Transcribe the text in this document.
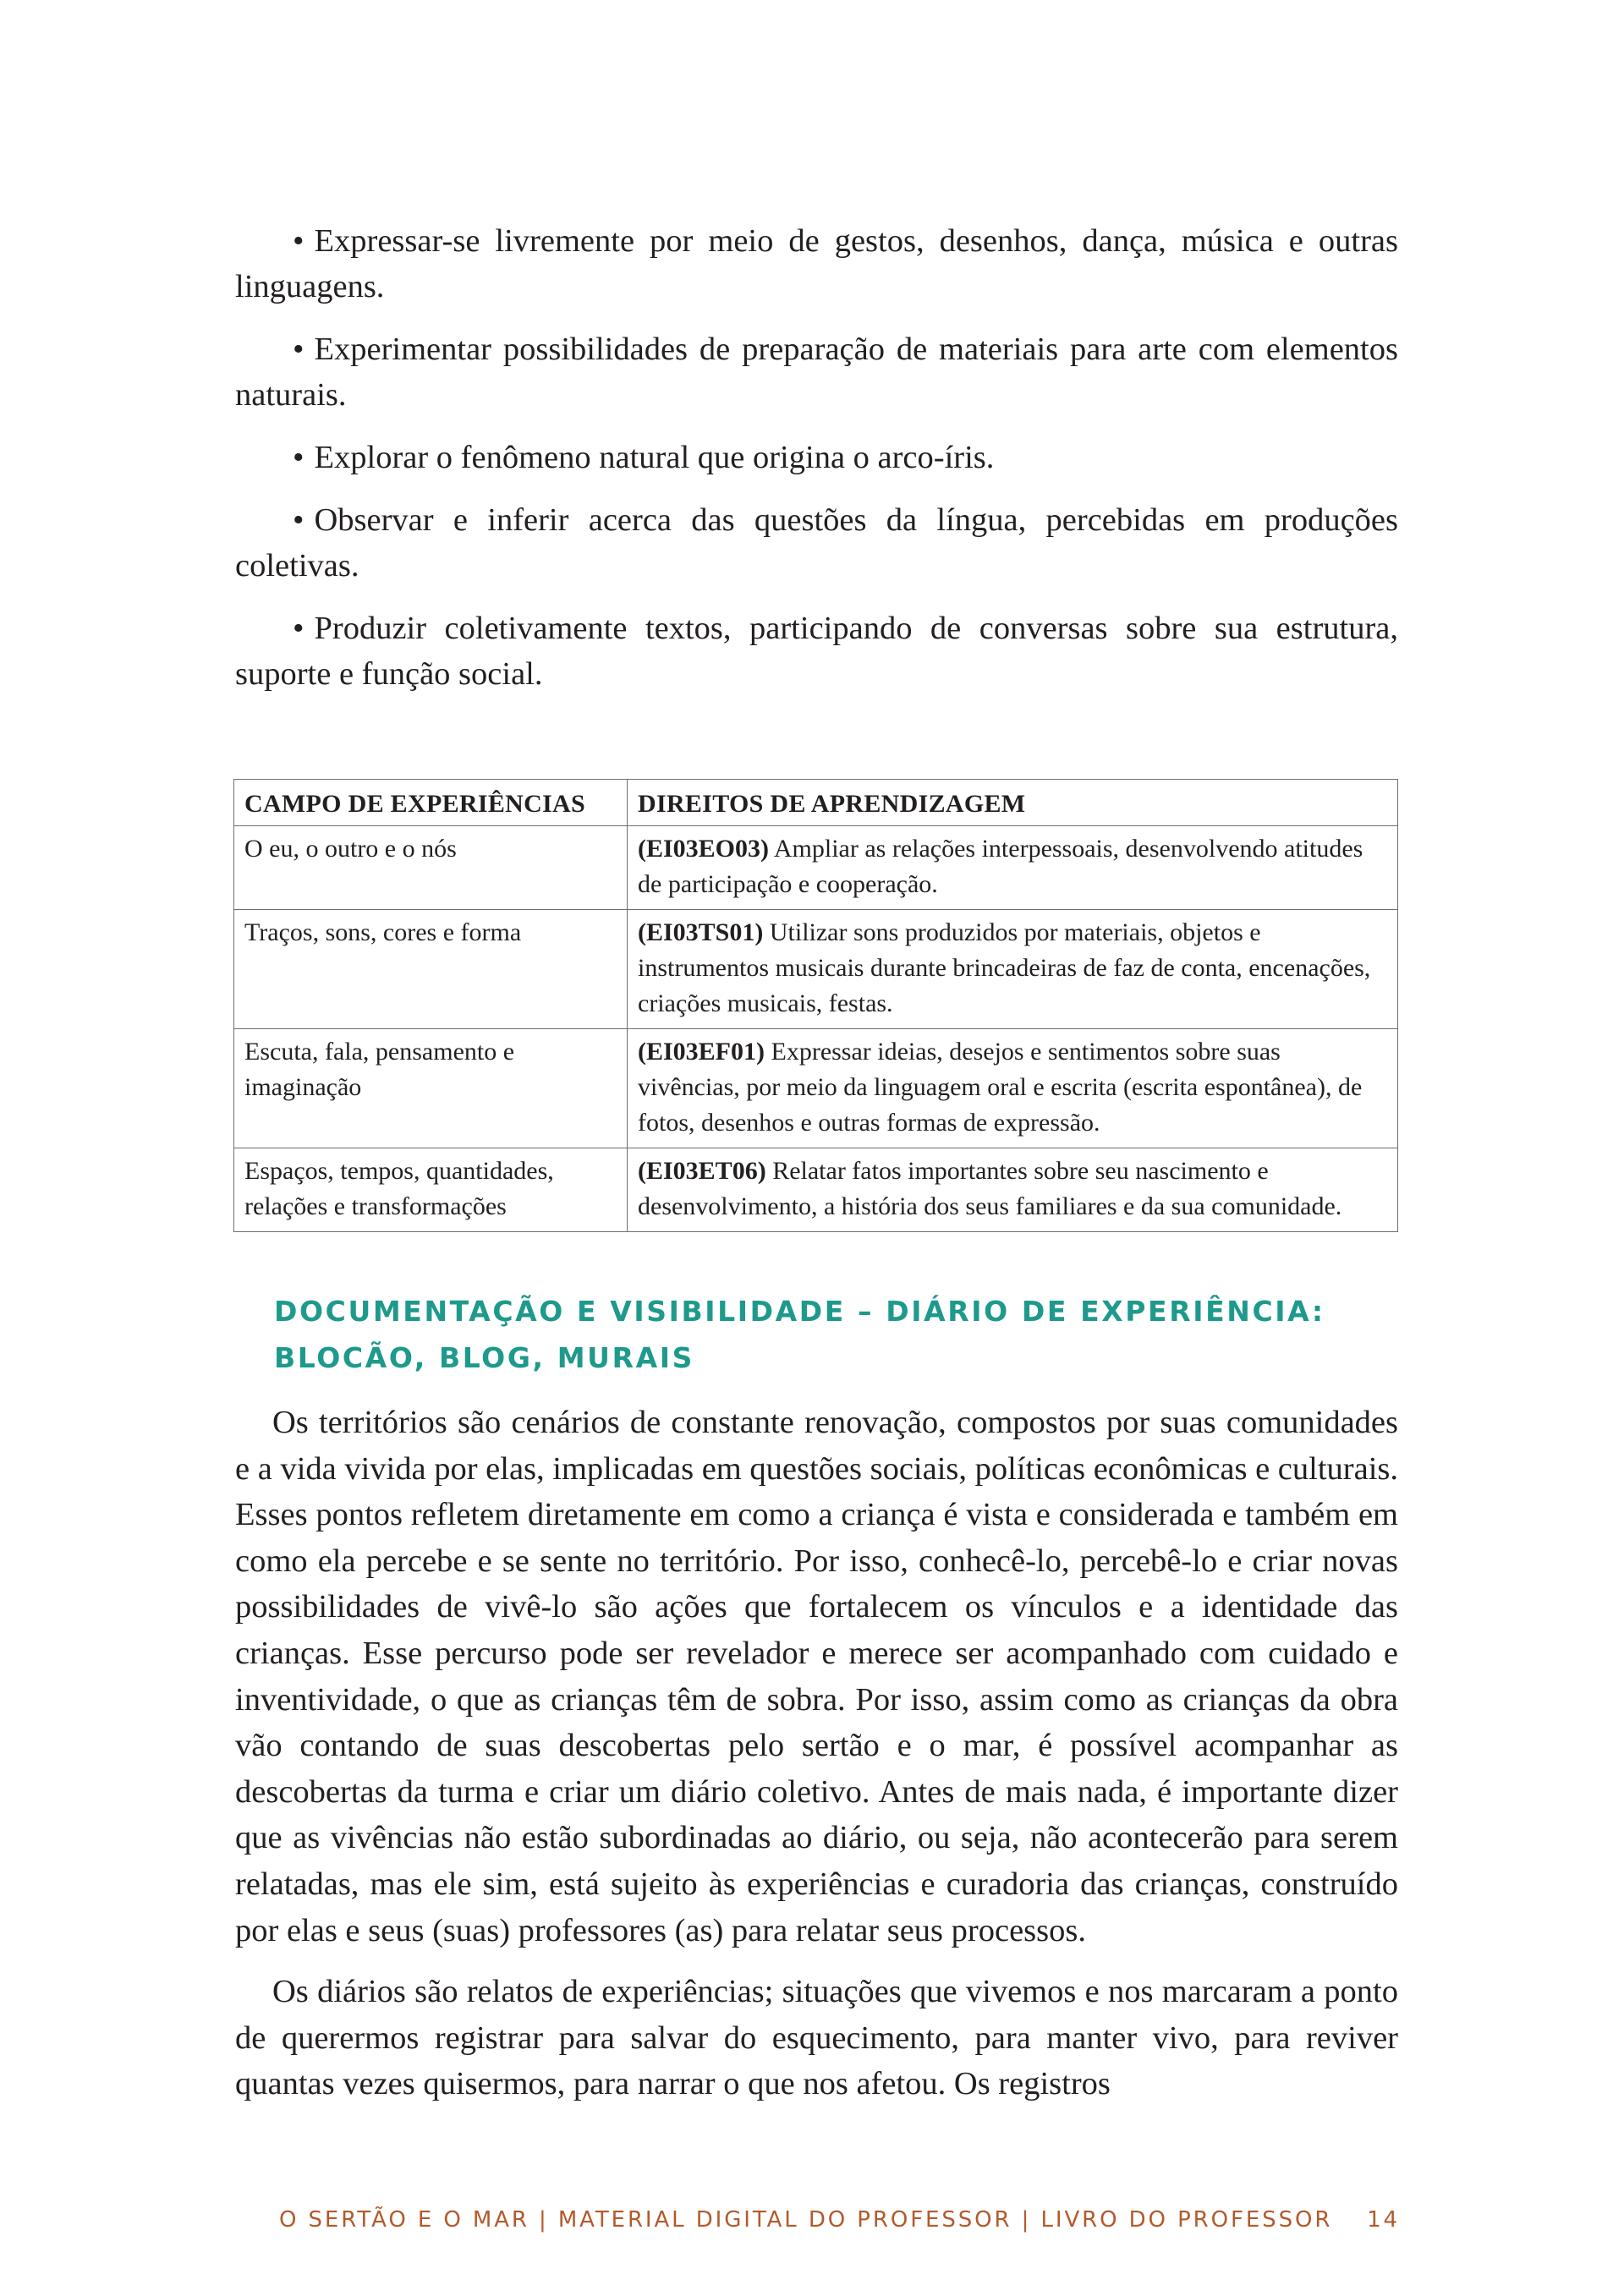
• Expressar-se livremente por meio de gestos, desenhos, dança, música e outras linguagens.

• Experimentar possibilidades de preparação de materiais para arte com elementos naturais.

• Explorar o fenômeno natural que origina o arco-íris.

• Observar e inferir acerca das questões da língua, percebidas em produções coletivas.

• Produzir coletivamente textos, participando de conversas sobre sua estrutura, suporte e função social.

CAMPO DE EXPERIÊNCIAS	DIREITOS DE APRENDIZAGEM
O eu, o outro e o nós	(EI03EO03) Ampliar as relações interpessoais, desenvolvendo atitudes de participação e cooperação.
Traços, sons, cores e forma	(EI03TS01) Utilizar sons produzidos por materiais, objetos e instrumentos musicais durante brincadeiras de faz de conta, encenações, criações musicais, festas.
Escuta, fala, pensamento e imaginação	(EI03EF01) Expressar ideias, desejos e sentimentos sobre suas vivências, por meio da linguagem oral e escrita (escrita espontânea), de fotos, desenhos e outras formas de expressão.
Espaços, tempos, quantidades, relações e transformações	(EI03ET06) Relatar fatos importantes sobre seu nascimento e desenvolvimento, a história dos seus familiares e da sua comunidade.
DOCUMENTAÇÃO E VISIBILIDADE – DIÁRIO DE EXPERIÊNCIA:
BLOCÃO, BLOG, MURAIS

Os territórios são cenários de constante renovação, compostos por suas comunidades e a vida vivida por elas, implicadas em questões sociais, políticas econômicas e culturais. Esses pontos refletem diretamente em como a criança é vista e considerada e também em como ela percebe e se sente no território. Por isso, conhecê-lo, percebê-lo e criar novas possibilidades de vivê-lo são ações que fortalecem os vínculos e a identidade das crianças. Esse percurso pode ser revelador e merece ser acompanhado com cuidado e inventividade, o que as crianças têm de sobra. Por isso, assim como as crianças da obra vão contando de suas descobertas pelo sertão e o mar, é possível acompanhar as descobertas da turma e criar um diário coletivo. Antes de mais nada, é importante dizer que as vivências não estão subordinadas ao diário, ou seja, não acontecerão para serem relatadas, mas ele sim, está sujeito às experiências e curadoria das crianças, construído por elas e seus (suas) professores (as) para relatar seus processos.

Os diários são relatos de experiências; situações que vivemos e nos marcaram a ponto de querermos registrar para salvar do esquecimento, para manter vivo, para reviver quantas vezes quisermos, para narrar o que nos afetou. Os registros

O SERTÃO E O MAR | MATERIAL DIGITAL DO PROFESSOR | LIVRO DO PROFESSOR 14
